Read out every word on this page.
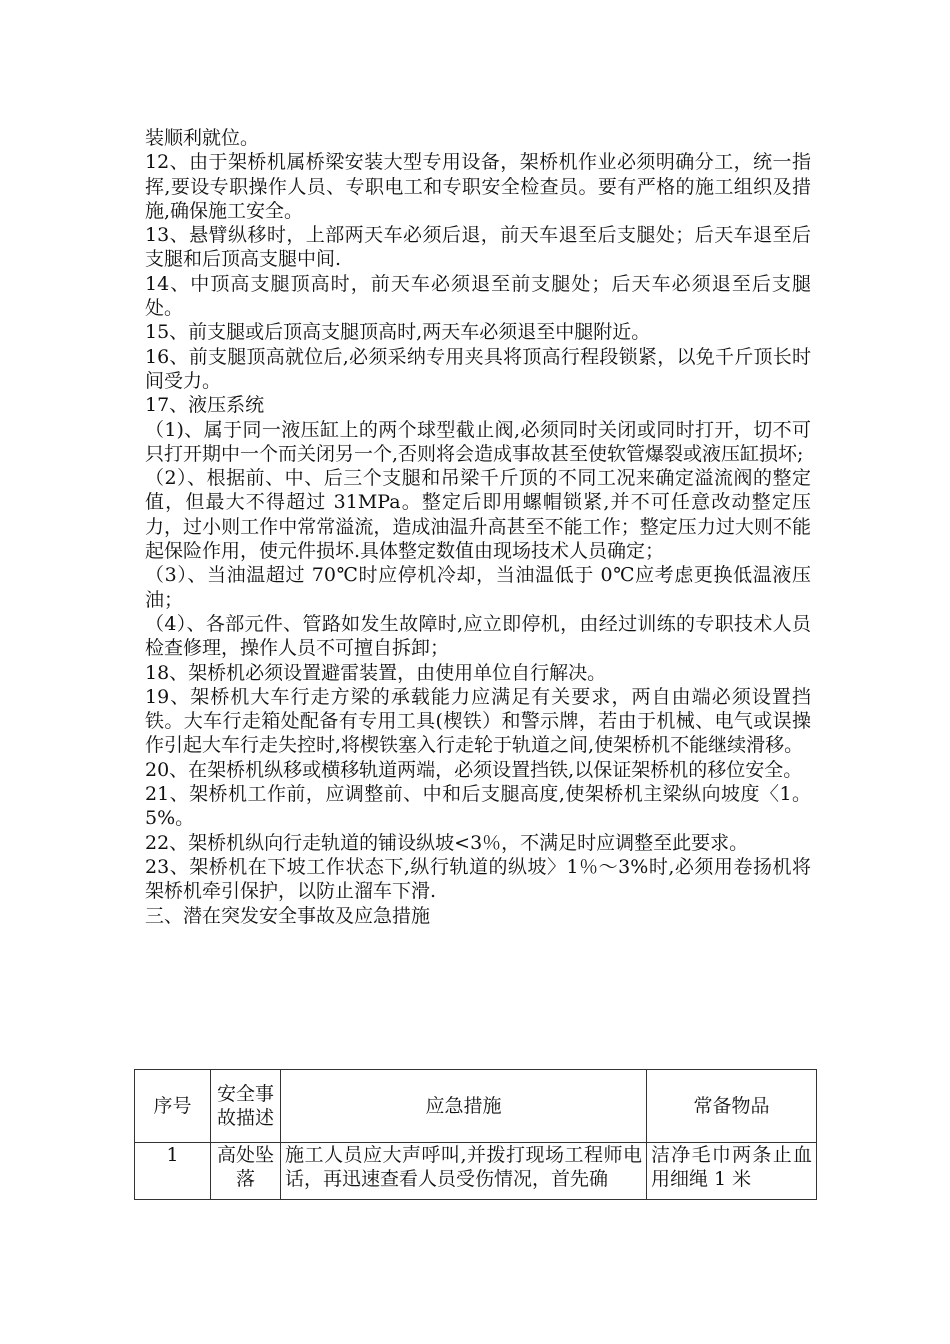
装顺利就位。

12、由于架桥机属桥梁安装大型专用设备，架桥机作业必须明确分工，统一指挥,要设专职操作人员、专职电工和专职安全检查员。要有严格的施工组织及措施,确保施工安全。

13、悬臂纵移时，上部两天车必须后退，前天车退至后支腿处；后天车退至后支腿和后顶高支腿中间.

14、中顶高支腿顶高时，前天车必须退至前支腿处；后天车必须退至后支腿处。

15、前支腿或后顶高支腿顶高时,两天车必须退至中腿附近。

16、前支腿顶高就位后,必须采纳专用夹具将顶高行程段锁紧，以免千斤顶长时间受力。

17、液压系统

（1)、属于同一液压缸上的两个球型截止阀,必须同时关闭或同时打开，切不可只打开期中一个而关闭另一个,否则将会造成事故甚至使软管爆裂或液压缸损坏;

（2）、根据前、中、后三个支腿和吊梁千斤顶的不同工况来确定溢流阀的整定值，但最大不得超过 31MPa。整定后即用螺帽锁紧,并不可任意改动整定压力，过小则工作中常常溢流，造成油温升高甚至不能工作；整定压力过大则不能起保险作用，使元件损坏.具体整定数值由现场技术人员确定；

（3）、当油温超过 70℃时应停机冷却，当油温低于 0℃应考虑更换低温液压油；

（4）、各部元件、管路如发生故障时,应立即停机，由经过训练的专职技术人员检查修理，操作人员不可擅自拆卸；

18、架桥机必须设置避雷装置，由使用单位自行解决。

19、架桥机大车行走方梁的承载能力应满足有关要求，两自由端必须设置挡铁。大车行走箱处配备有专用工具(楔铁）和警示牌，若由于机械、电气或误操作引起大车行走失控时,将楔铁塞入行走轮于轨道之间,使架桥机不能继续滑移。

20、在架桥机纵移或横移轨道两端，必须设置挡铁,以保证架桥机的移位安全。

21、架桥机工作前，应调整前、中和后支腿高度,使架桥机主梁纵向坡度〈1。5%。

22、架桥机纵向行走轨道的铺设纵坡<3％，不满足时应调整至此要求。

23、架桥机在下坡工作状态下,纵行轨道的纵坡〉1％～3%时,必须用卷扬机将架桥机牵引保护，以防止溜车下滑.

三、潜在突发安全事故及应急措施

序号	安全事故描述	应急措施	常备物品
1	高处坠落	施工人员应大声呼叫,并拨打现场工程师电话，再迅速查看人员受伤情况，首先确	洁净毛巾两条止血用细绳 1 米
